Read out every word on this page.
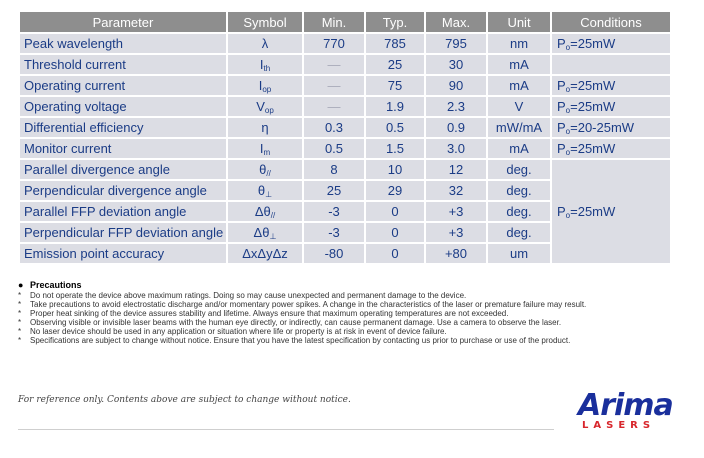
Parameter	Symbol	Min.	Typ.	Max.	Unit	Conditions
Peak wavelength	λ	770	785	795	nm	$P_o=25mW$
Threshold current	$I_{th}$	—	25	30	mA	
Operating current	$I_{op}$	—	75	90	mA	$P_o=25mW$
Operating voltage	$V_{op}$	—	1.9	2.3	V	$P_o=25mW$
Differential efficiency	η	0.3	0.5	0.9	mW/mA	$P_o=20-25mW$
Monitor current	$I_m$	0.5	1.5	3.0	mA	$P_o=25mW$
Parallel divergence angle	$\theta_{//}$	8	10	12	deg.	$P_o=25mW$
Perpendicular divergence angle	$\theta_\perp$	25	29	32	deg.	
Parallel FFP deviation angle	$\Delta\theta_{//}$	-3	0	+3	deg.	
Perpendicular FFP deviation angle	$\Delta\theta_\perp$	-3	0	+3	deg.	
Emission point accuracy	ΔxΔyΔz	-80	0	+80	um	
● Precautions
* Do not operate the device above maximum ratings. Doing so may cause unexpected and permanent damage to the device.
* Take precautions to avoid electrostatic discharge and/or momentary power spikes. A change in the characteristics of the laser or premature failure may result.
* Proper heat sinking of the device assures stability and lifetime. Always ensure that maximum operating temperatures are not exceeded.
* Observing visible or invisible laser beams with the human eye directly, or indirectly, can cause permanent damage. Use a camera to observe the laser.
* No laser device should be used in any application or situation where life or property is at risk in event of device failure.
* Specifications are subject to change without notice. Ensure that you have the latest specification by contacting us prior to purchase or use of the product.
For reference only. Contents above are subject to change without notice.	Arima
LASERS
